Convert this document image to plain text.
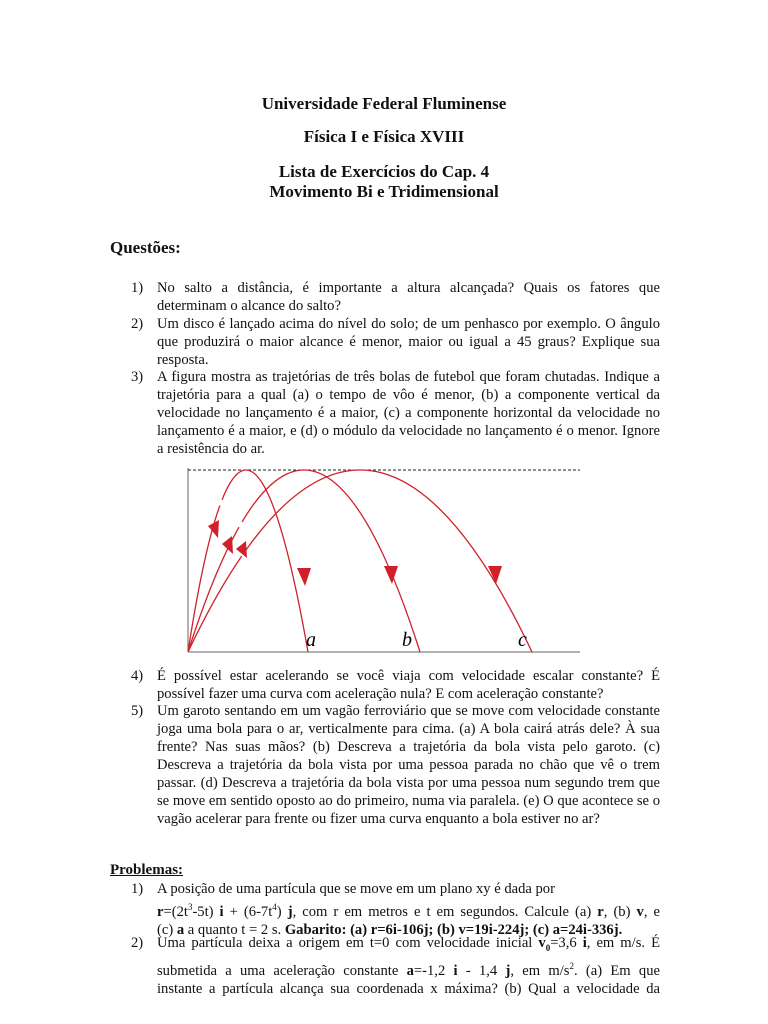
Universidade Federal Fluminense
Física I e Física XVIII
Lista de Exercícios do Cap. 4
Movimento Bi e Tridimensional
Questões:
1) No salto a distância, é importante a altura alcançada? Quais os fatores que determinam o alcance do salto?
2) Um disco é lançado acima do nível do solo; de um penhasco por exemplo. O ângulo que produzirá o maior alcance é menor, maior ou igual a 45 graus? Explique sua resposta.
3) A figura mostra as trajetórias de três bolas de futebol que foram chutadas. Indique a trajetória para a qual (a) o tempo de vôo é menor, (b) a componente vertical da velocidade no lançamento é a maior, (c) a componente horizontal da velocidade no lançamento é a maior, e (d) o módulo da velocidade no lançamento é o menor. Ignore a resistência do ar.
a	b	c
4) É possível estar acelerando se você viaja com velocidade escalar constante? É possível fazer uma curva com aceleração nula? E com aceleração constante?
5) Um garoto sentando em um vagão ferroviário que se move com velocidade constante joga uma bola para o ar, verticalmente para cima. (a) A bola cairá atrás dele? À sua frente? Nas suas mãos? (b) Descreva a trajetória da bola vista pelo garoto. (c) Descreva a trajetória da bola vista por uma pessoa parada no chão que vê o trem passar. (d) Descreva a trajetória da bola vista por uma pessoa num segundo trem que se move em sentido oposto ao do primeiro, numa via paralela. (e) O que acontece se o vagão acelerar para frente ou fizer uma curva enquanto a bola estiver no ar?
Problemas:
1) A posição de uma partícula que se move em um plano xy é dada por
$r=(2t^3-5t) i + (6-7t^4)$ j, com r em metros e t em segundos. Calcule (a) r, (b) v, e
(c) a a quanto t = 2 s. Gabarito: (a) r=6i-106j; (b) v=19i-224j; (c) a=24i-336j.
2) Uma partícula deixa a origem em t=0 com velocidade inicial $v_0=3,6$ i, em m/s. É
submetida a uma aceleração constante a=-1,2 i - 1,4 j, em $m/s^2$. (a) Em que
instante a partícula alcança sua coordenada x máxima? (b) Qual a velocidade da
